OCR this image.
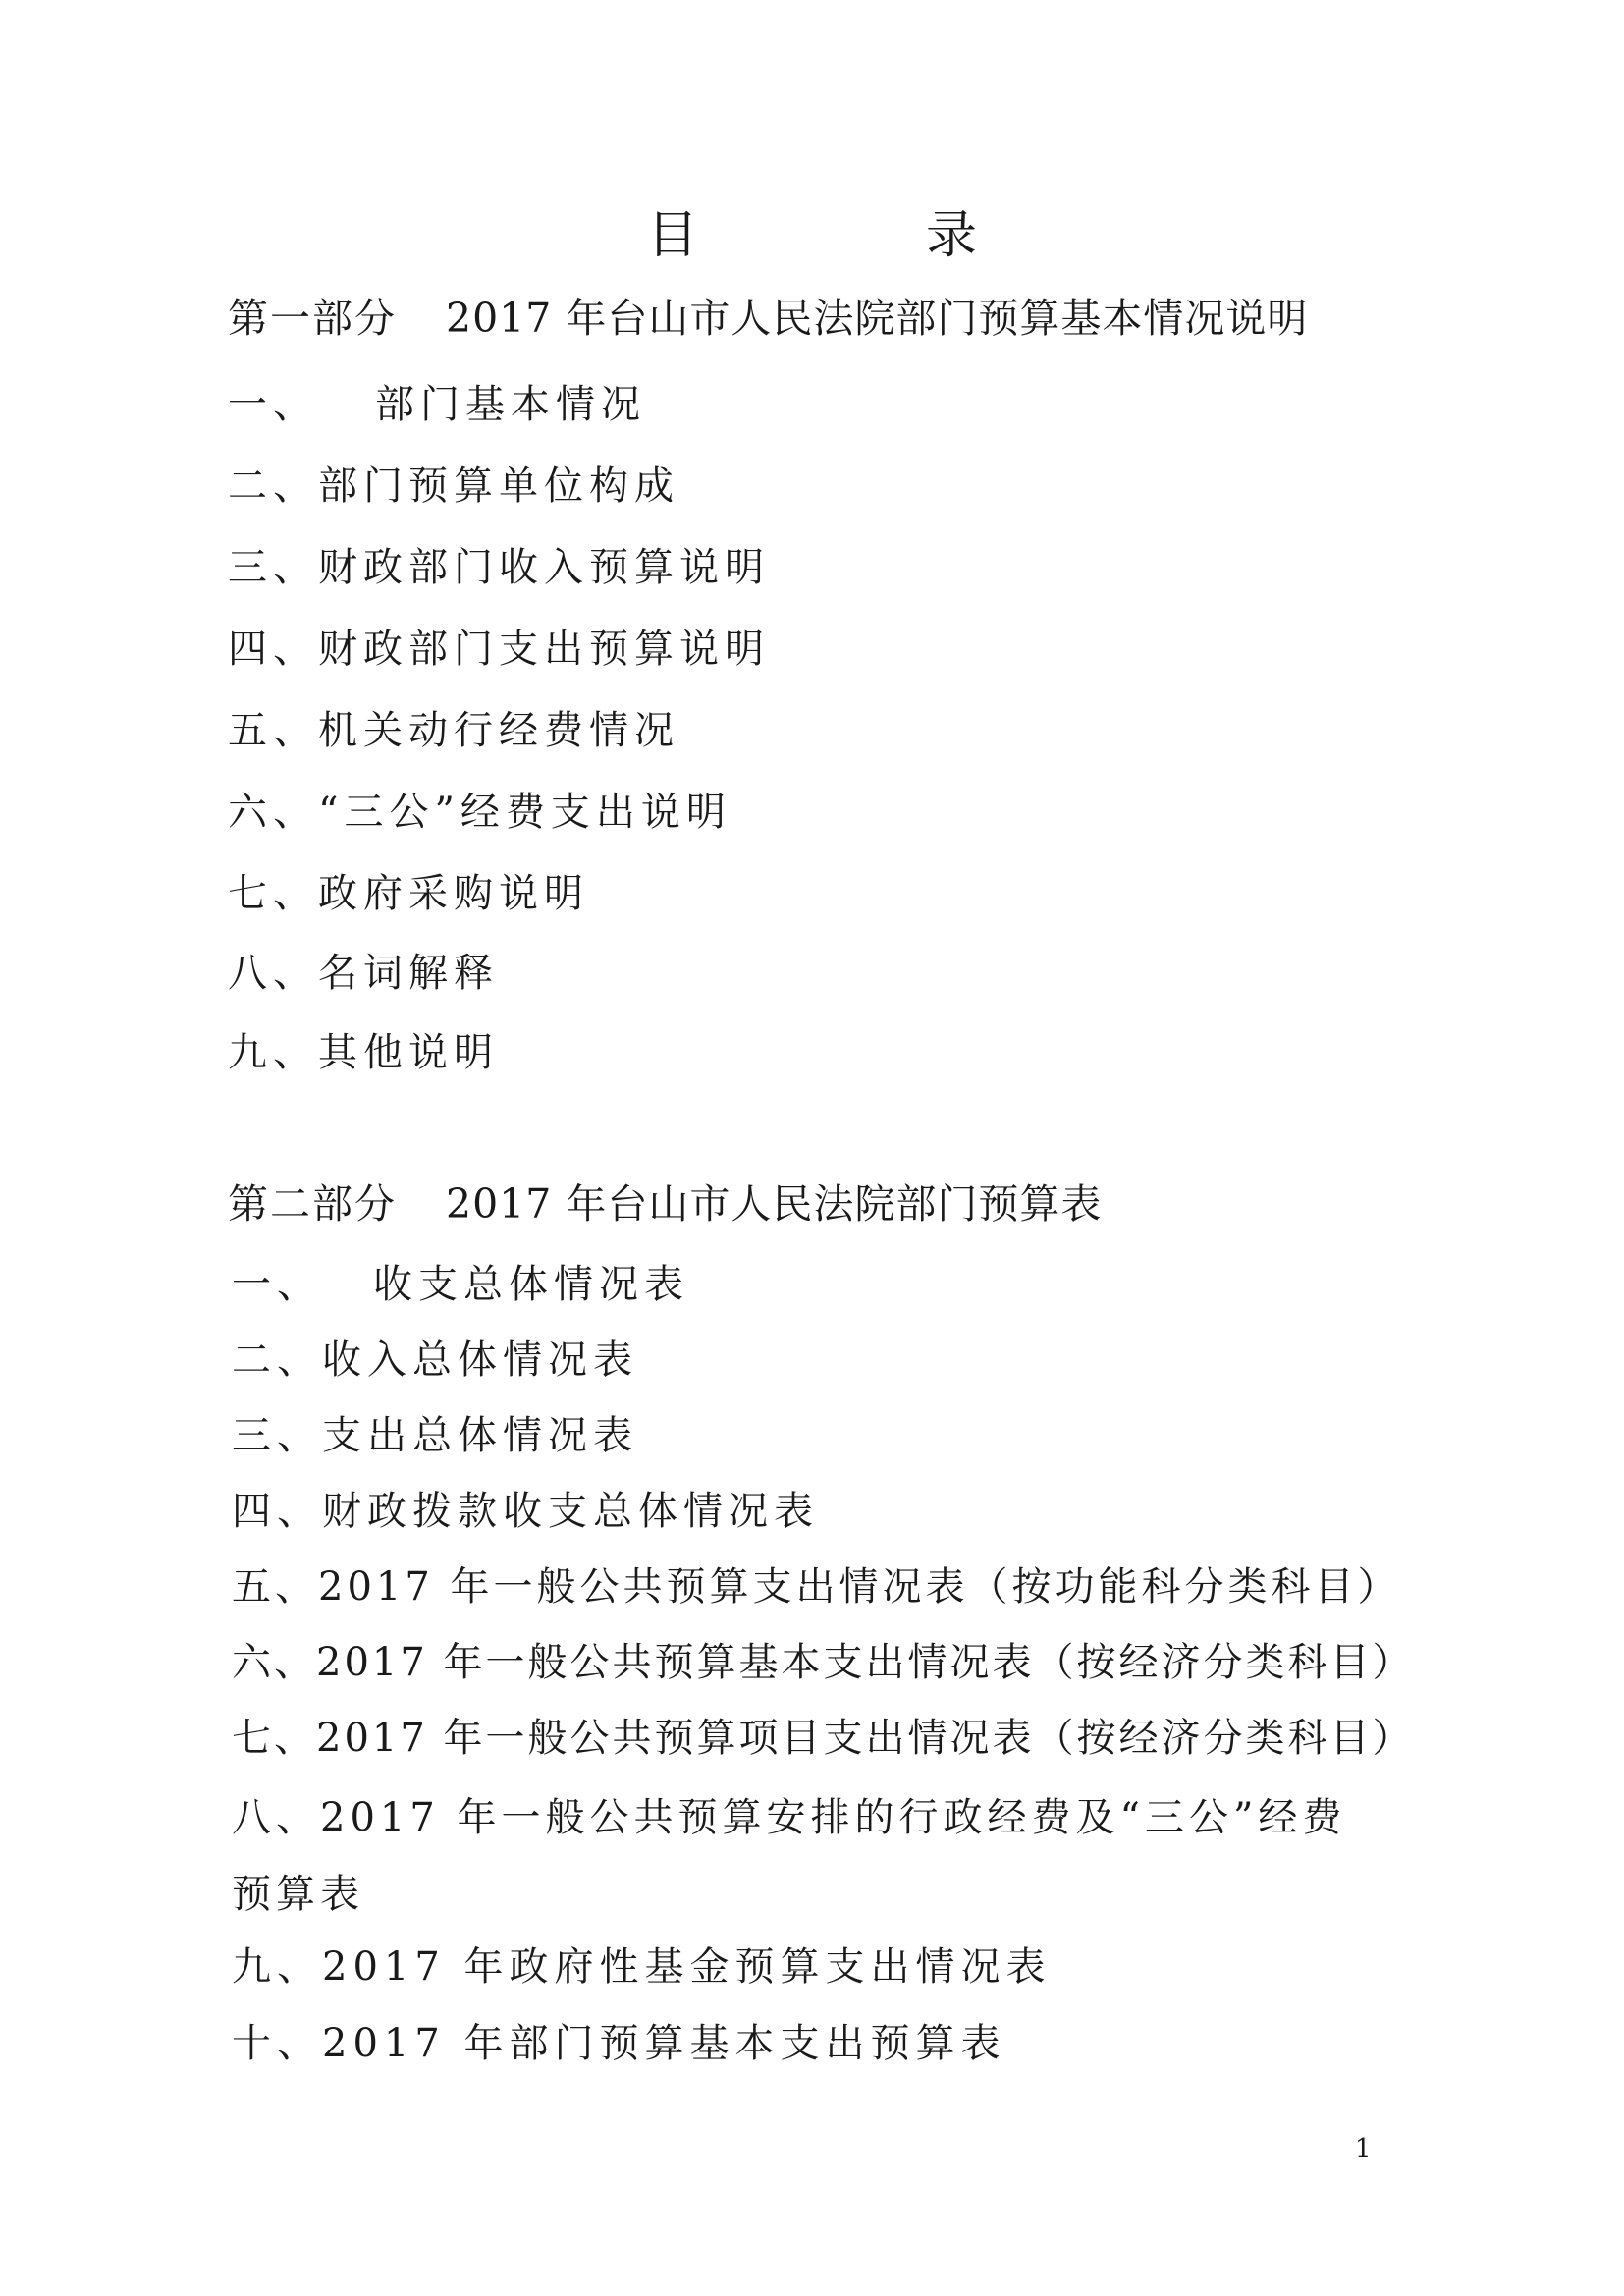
目　录
第一部分 2017 年台山市人民法院部门预算基本情况说明
一、 部门基本情况
二、部门预算单位构成
三、财政部门收入预算说明
四、财政部门支出预算说明
五、机关动行经费情况
六、“三公”经费支出说明
七、政府采购说明
八、名词解释
九、其他说明
第二部分 2017 年台山市人民法院部门预算表
一、 收支总体情况表
二、收入总体情况表
三、支出总体情况表
四、财政拨款收支总体情况表
五、2017 年一般公共预算支出情况表（按功能科分类科目）
六、2017 年一般公共预算基本支出情况表（按经济分类科目）
七、2017 年一般公共预算项目支出情况表（按经济分类科目）
八、2017 年一般公共预算安排的行政经费及“三公”经费预算表
九、2017 年政府性基金预算支出情况表
十、2017 年部门预算基本支出预算表
1
